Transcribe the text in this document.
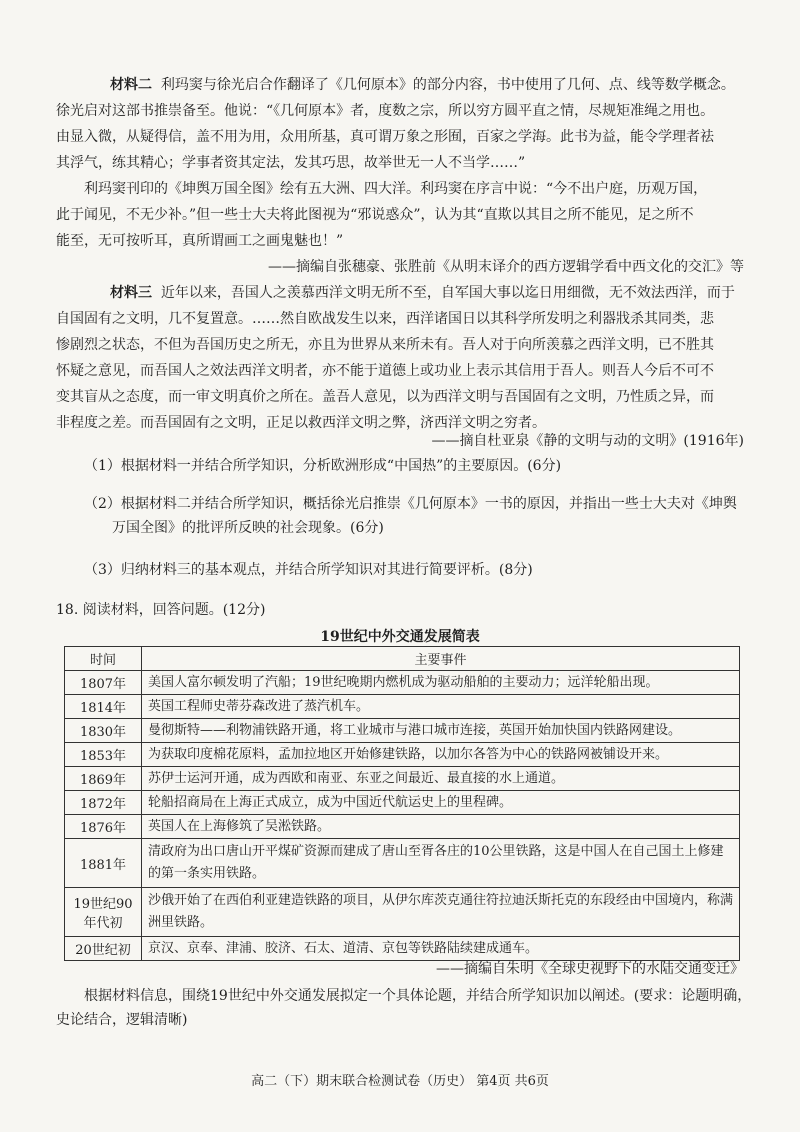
材料二 利玛窦与徐光启合作翻译了《几何原本》的部分内容，书中使用了几何、点、线等数学概念。
徐光启对这部书推崇备至。他说：“《几何原本》者，度数之宗，所以穷方圆平直之情，尽规矩准绳之用也。
由显入微，从疑得信，盖不用为用，众用所基，真可谓万象之形囿，百家之学海。此书为益，能令学理者祛
其浮气，练其精心；学事者资其定法，发其巧思，故举世无一人不当学……”
利玛窦刊印的《坤舆万国全图》绘有五大洲、四大洋。利玛窦在序言中说：“今不出户庭，历观万国，
此于闻见，不无少补。”但一些士大夫将此图视为“邪说惑众”，认为其“直欺以其目之所不能见，足之所不
能至，无可按听耳，真所谓画工之画鬼魅也！”
——摘编自张穗豪、张胜前《从明末译介的西方逻辑学看中西文化的交汇》等
材料三 近年以来，吾国人之羡慕西洋文明无所不至，自军国大事以迄日用细微，无不效法西洋，而于
自国固有之文明，几不复置意。……然自欧战发生以来，西洋诸国日以其科学所发明之利器戕杀其同类，悲
惨剧烈之状态，不但为吾国历史之所无，亦且为世界从来所未有。吾人对于向所羡慕之西洋文明，已不胜其
怀疑之意见，而吾国人之效法西洋文明者，亦不能于道德上或功业上表示其信用于吾人。则吾人今后不可不
变其盲从之态度，而一审文明真价之所在。盖吾人意见，以为西洋文明与吾国固有之文明，乃性质之异，而
非程度之差。而吾国固有之文明，正足以救西洋文明之弊，济西洋文明之穷者。
——摘自杜亚泉《静的文明与动的文明》(1916年)
（1）根据材料一并结合所学知识，分析欧洲形成“中国热”的主要原因。(6分)
（2）根据材料二并结合所学知识，概括徐光启推崇《几何原本》一书的原因，并指出一些士大夫对《坤舆
万国全图》的批评所反映的社会现象。(6分)
（3）归纳材料三的基本观点，并结合所学知识对其进行简要评析。(8分)
18. 阅读材料，回答问题。(12分)
19世纪中外交通发展简表
时间	主要事件
1807年	美国人富尔顿发明了汽船；19世纪晚期内燃机成为驱动船舶的主要动力；远洋轮船出现。
1814年	英国工程师史蒂芬森改进了蒸汽机车。
1830年	曼彻斯特——利物浦铁路开通，将工业城市与港口城市连接，英国开始加快国内铁路网建设。
1853年	为获取印度棉花原料，孟加拉地区开始修建铁路，以加尔各答为中心的铁路网被铺设开来。
1869年	苏伊士运河开通，成为西欧和南亚、东亚之间最近、最直接的水上通道。
1872年	轮船招商局在上海正式成立，成为中国近代航运史上的里程碑。
1876年	英国人在上海修筑了吴淞铁路。
1881年	清政府为出口唐山开平煤矿资源而建成了唐山至胥各庄的10公里铁路，这是中国人在自己国土上修建的第一条实用铁路。
19世纪90年代初	沙俄开始了在西伯利亚建造铁路的项目，从伊尔库茨克通往符拉迪沃斯托克的东段经由中国境内，称满洲里铁路。
20世纪初	京汉、京奉、津浦、胶济、石太、道清、京包等铁路陆续建成通车。
——摘编自朱明《全球史视野下的水陆交通变迁》
根据材料信息，围绕19世纪中外交通发展拟定一个具体论题，并结合所学知识加以阐述。(要求：论题明确，
史论结合，逻辑清晰)
高二（下）期末联合检测试卷（历史） 第4页 共6页
